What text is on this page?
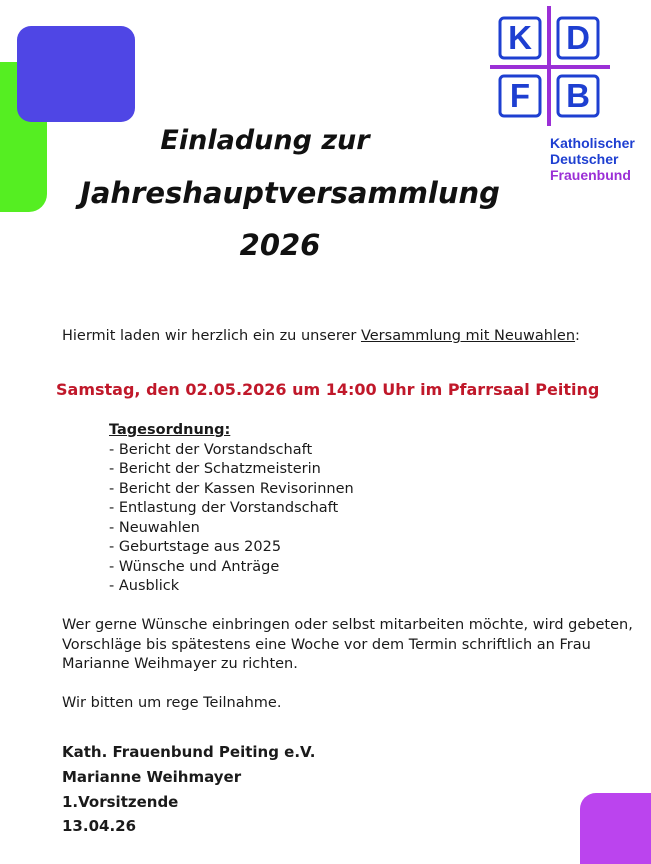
K D
F	B
Katholischer
Deutscher
Frauenbund
Einladung zur
Jahreshauptversammlung
2026
Hiermit laden wir herzlich ein zu unserer Versammlung mit Neuwahlen:
Samstag, den 02.05.2026 um 14:00 Uhr im Pfarrsaal Peiting
Tagesordnung:
- Bericht der Vorstandschaft
- Bericht der Schatzmeisterin
- Bericht der Kassen Revisorinnen
- Entlastung der Vorstandschaft
- Neuwahlen
- Geburtstage aus 2025
- Wünsche und Anträge
- Ausblick
Wer gerne Wünsche einbringen oder selbst mitarbeiten möchte, wird gebeten,
Vorschläge bis spätestens eine Woche vor dem Termin schriftlich an Frau
Marianne Weihmayer zu richten.
Wir bitten um rege Teilnahme.
Kath. Frauenbund Peiting e.V.
Marianne Weihmayer
1.Vorsitzende
13.04.26
